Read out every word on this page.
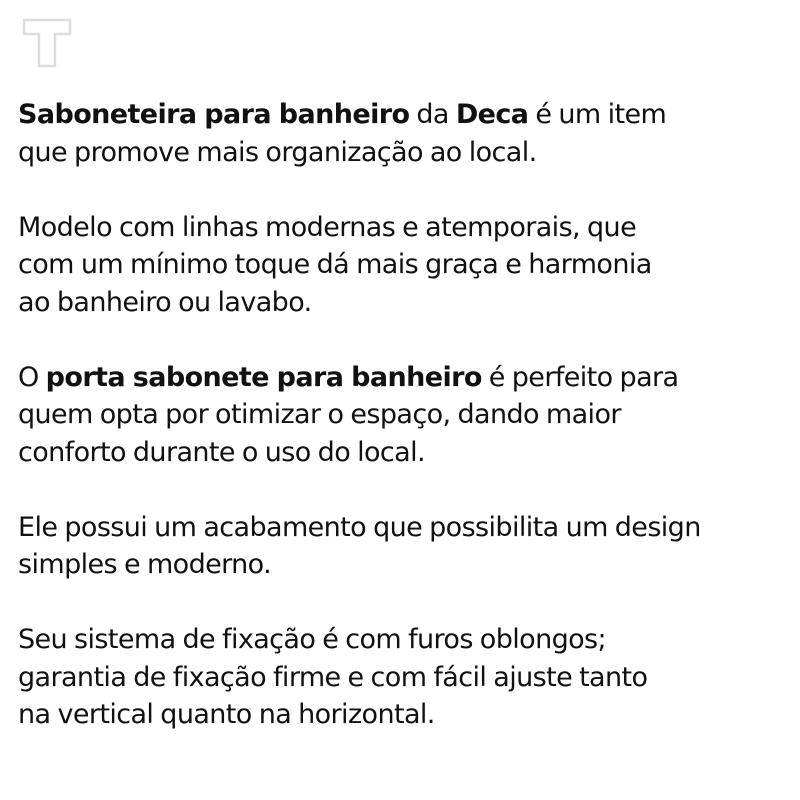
Saboneteira para banheiro da Deca é um item
que promove mais organização ao local.

Modelo com linhas modernas e atemporais, que
com um mínimo toque dá mais graça e harmonia
ao banheiro ou lavabo.

O porta sabonete para banheiro é perfeito para
quem opta por otimizar o espaço, dando maior
conforto durante o uso do local.

Ele possui um acabamento que possibilita um design
simples e moderno.

Seu sistema de fixação é com furos oblongos;
garantia de fixação firme e com fácil ajuste tanto
na vertical quanto na horizontal.
